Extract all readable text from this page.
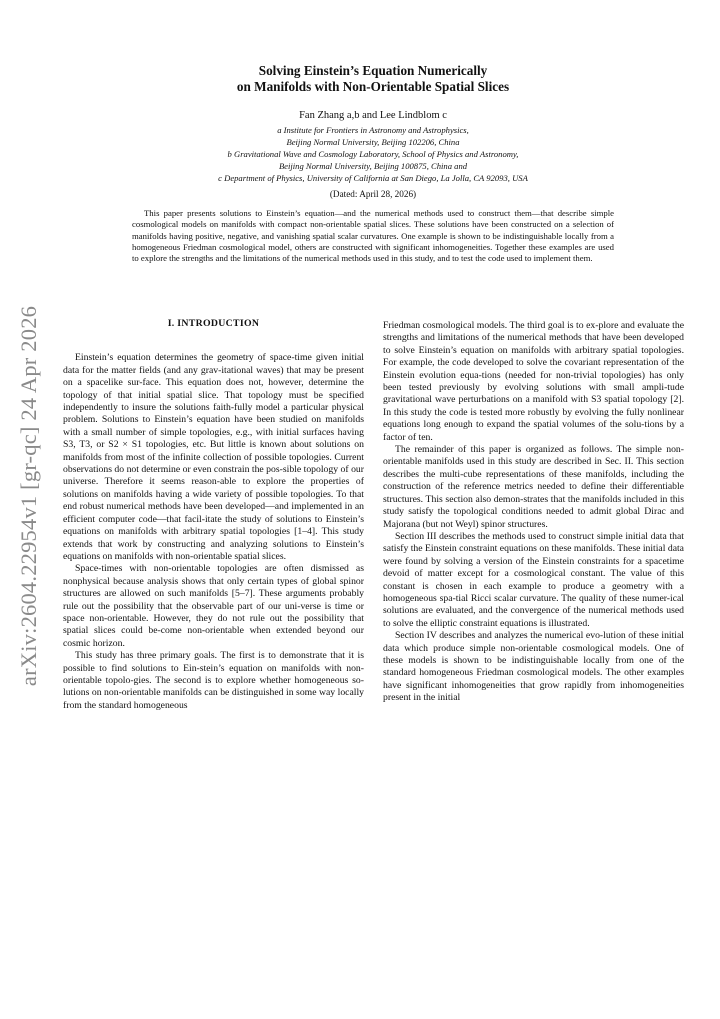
arXiv:2604.22954v1 [gr-qc] 24 Apr 2026
Solving Einstein’s Equation Numerically
on Manifolds with Non-Orientable Spatial Slices
Fan Zhang a,b and Lee Lindblom c
a Institute for Frontiers in Astronomy and Astrophysics,
Beijing Normal University, Beijing 102206, China
b Gravitational Wave and Cosmology Laboratory, School of Physics and Astronomy,
Beijing Normal University, Beijing 100875, China and
c Department of Physics, University of California at San Diego, La Jolla, CA 92093, USA
(Dated: April 28, 2026)
This paper presents solutions to Einstein’s equation—and the numerical methods used to construct them—that describe simple cosmological models on manifolds with compact non-orientable spatial slices. These solutions have been constructed on a selection of manifolds having positive, negative, and vanishing spatial scalar curvatures. One example is shown to be indistinguishable locally from a homogeneous Friedman cosmological model, others are constructed with significant inhomogeneities. Together these examples are used to explore the strengths and the limitations of the numerical methods used in this study, and to test the code used to implement them.
I. INTRODUCTION

Einstein’s equation determines the geometry of space-time given initial data for the matter fields (and any grav-itational waves) that may be present on a spacelike sur-face. This equation does not, however, determine the topology of that initial spatial slice. That topology must be specified independently to insure the solutions faith-fully model a particular physical problem. Solutions to Einstein’s equation have been studied on manifolds with a small number of simple topologies, e.g., with initial surfaces having S3, T3, or S2 × S1 topologies, etc. But little is known about solutions on manifolds from most of the infinite collection of possible topologies. Current observations do not determine or even constrain the pos-sible topology of our universe. Therefore it seems reason-able to explore the properties of solutions on manifolds having a wide variety of possible topologies. To that end robust numerical methods have been developed—and implemented in an efficient computer code—that facil-itate the study of solutions to Einstein’s equations on manifolds with arbitrary spatial topologies [1–4]. This study extends that work by constructing and analyzing solutions to Einstein’s equations on manifolds with non-orientable spatial slices.

Space-times with non-orientable topologies are often dismissed as nonphysical because analysis shows that only certain types of global spinor structures are allowed on such manifolds [5–7]. These arguments probably rule out the possibility that the observable part of our uni-verse is time or space non-orientable. However, they do not rule out the possibility that spatial slices could be-come non-orientable when extended beyond our cosmic horizon.

This study has three primary goals. The first is to demonstrate that it is possible to find solutions to Ein-stein’s equation on manifolds with non-orientable topolo-gies. The second is to explore whether homogeneous so-lutions on non-orientable manifolds can be distinguished in some way locally from the standard homogeneous

Friedman cosmological models. The third goal is to ex-plore and evaluate the strengths and limitations of the numerical methods that have been developed to solve Einstein’s equation on manifolds with arbitrary spatial topologies. For example, the code developed to solve the covariant representation of the Einstein evolution equa-tions (needed for non-trivial topologies) has only been tested previously by evolving solutions with small ampli-tude gravitational wave perturbations on a manifold with S3 spatial topology [2]. In this study the code is tested more robustly by evolving the fully nonlinear equations long enough to expand the spatial volumes of the solu-tions by a factor of ten.

The remainder of this paper is organized as follows. The simple non-orientable manifolds used in this study are described in Sec. II. This section describes the multi-cube representations of these manifolds, including the construction of the reference metrics needed to define their differentiable structures. This section also demon-strates that the manifolds included in this study satisfy the topological conditions needed to admit global Dirac and Majorana (but not Weyl) spinor structures.

Section III describes the methods used to construct simple initial data that satisfy the Einstein constraint equations on these manifolds. These initial data were found by solving a version of the Einstein constraints for a spacetime devoid of matter except for a cosmological constant. The value of this constant is chosen in each example to produce a geometry with a homogeneous spa-tial Ricci scalar curvature. The quality of these numer-ical solutions are evaluated, and the convergence of the numerical methods used to solve the elliptic constraint equations is illustrated.

Section IV describes and analyzes the numerical evo-lution of these initial data which produce simple non-orientable cosmological models. One of these models is shown to be indistinguishable locally from one of the standard homogeneous Friedman cosmological models. The other examples have significant inhomogeneities that grow rapidly from inhomogeneities present in the initial
